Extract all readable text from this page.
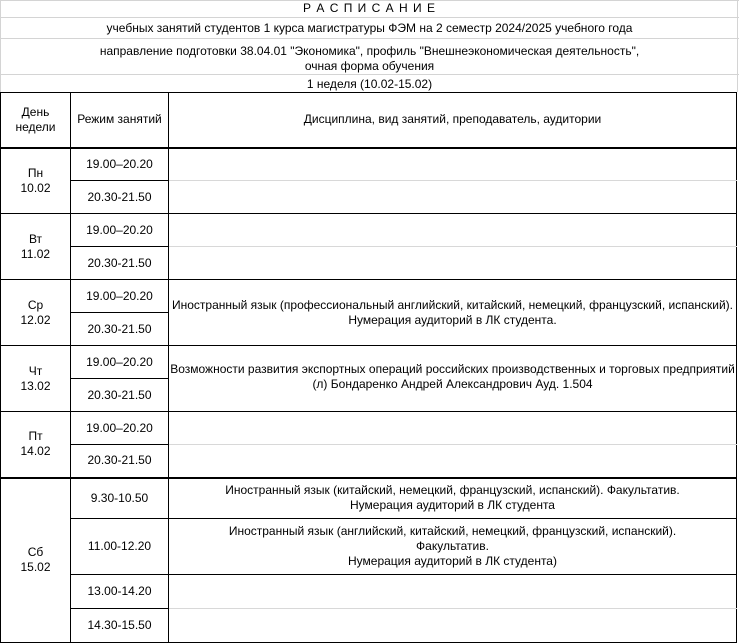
Р А С П И С А Н И Е
учебных занятий студентов 1 курса магистратуры ФЭМ на 2 семестр 2024/2025 учебного года
направление подготовки 38.04.01 "Экономика", профиль "Внешнеэкономическая деятельность",
очная форма обучения
1 неделя (10.02-15.02)
День недели	Режим занятий	Дисциплина, вид занятий, преподаватель, аудитории
Пн
10.02	19.00–20.20	
	20.30-21.50	
Вт
11.02	19.00–20.20	
	20.30-21.50	
Ср
12.02	19.00–20.20	Иностранный язык (профессиональный английский, китайский, немецкий, французский, испанский).
Нумерация аудиторий в ЛК студента.
	20.30-21.50	
Чт
13.02	19.00–20.20	Возможности развития экспортных операций российских производственных и торговых предприятий (л) Бондаренко Андрей Александрович Ауд. 1.504
	20.30-21.50	
Пт
14.02	19.00–20.20	
	20.30-21.50	
Сб
15.02	9.30-10.50	Иностранный язык (китайский, немецкий, французский, испанский). Факультатив.
Нумерация аудиторий в ЛК студента
	11.00-12.20	Иностранный язык (английский, китайский, немецкий, французский, испанский).
Факультатив.
Нумерация аудиторий в ЛК студента)
	13.00-14.20	
	14.30-15.50	
